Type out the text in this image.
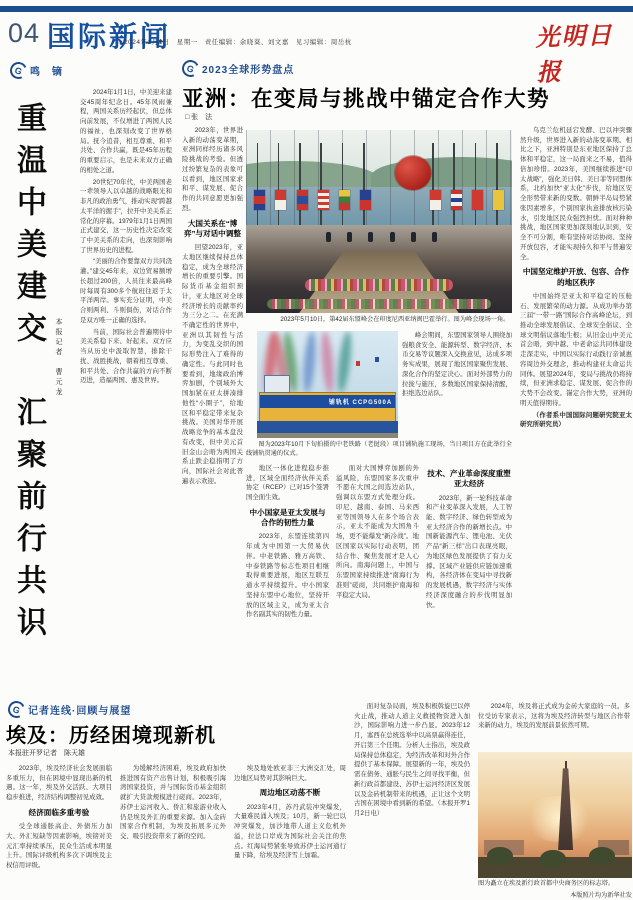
04 国际新闻
2024年1月1日　星期一　责任编辑：余晓葵、刘文嘉　见习编辑：周岳杭	光明日报
G 鸣　镝
重温中美建交　汇聚前行共识 本报记者　曹元龙

2024年1月1日，中美迎来建交45周年纪念日。45年风雨兼程，两国关系历经起伏，但总体向前发展，不仅增进了两国人民的福祉，也深刻改变了世界格局。抚今追昔，相互尊重、和平共处、合作共赢，既是45年历程的重要启示，也是未来双方正确的相处之道。

20世纪70年代，中美两国老一辈领导人以卓越的战略眼光和非凡的政治勇气，推动实现“跨越太平洋的握手”，拉开中美关系正常化的序幕。1979年1月1日两国正式建交，这一历史性决定改变了中美关系的走向，也深刻影响了世界历史的进程。

“美丽的合作要靠双方共同浇灌。”建交45年来，双边贸易额增长超过200倍，人员往来最高峰时每周有300多个航班往返于太平洋两岸。事实充分证明，中美合则两利、斗则俱伤，对话合作是双方唯一正确的选择。

当前，国际社会普遍期待中美关系稳下来、好起来。双方应当从历史中汲取智慧，排除干扰、战胜挑战，朝着相互尊重、和平共处、合作共赢的方向不断迈进，造福两国、惠及世界。

G 2023全球形势盘点
亚洲：在变局与挑战中锚定合作大势
□ 张　法

2023年，世界进入新的动荡变革期，亚洲同样经历诸多风险挑战的考验。但透过纷繁复杂的表象可以看到，地区国家求和平、谋发展、促合作的共同意愿更加强烈。

大国关系在“博弈”与对话中调整

回望2023年，亚太地区继续保持总体稳定，成为全球经济增长的重要引擎。国际货币基金组织预计，亚太地区对全球经济增长的贡献率约为三分之二。在充满不确定性的世界中，亚洲以其韧性与活力，为变乱交织的国际形势注入了难得的确定性。与此同时也要看到，地缘政治博弈加剧，个别域外大国加紧在亚太拼凑排他性“小圈子”，给地区和平稳定带来复杂挑战。美国对华开展战略竞争的基本盘没有改变，但中美元首旧金山会晤为两国关系止跌企稳指明了方向，国际社会对此普遍表示欢迎。

2023年5月10日，第42届东盟峰会在印度尼西亚纳闽巴霍举行。图为峰会现场一角。
铺轨机 CCPG500A

峰会期间，东盟国家领导人围绕加强粮食安全、能源转型、数字经济、本币交易等议题深入交换意见，达成多项务实成果，展现了地区国家聚焦发展、深化合作的坚定决心。面对外部势力的拉拢与施压，多数地区国家保持清醒，拒绝选边站队。

图为2023年10月下旬拍摄的中老铁路（老挝段）项目铺轨施工现场，当日项目方在此举行全线铺轨贯通的仪式。

地区一体化进程稳步推进，区域全面经济伙伴关系协定（RCEP）已对15个签署国全面生效。

中小国家是亚太发展与合作的韧性力量

2023年，东盟连续第四年成为中国第一大贸易伙伴。中老铁路、雅万高铁、中泰铁路等标志性项目相继取得重要进展，地区互联互通水平持续提升。中小国家坚持东盟中心地位，坚持开放的区域主义，成为亚太合作名副其实的韧性力量。

面对大国博弈加剧的外溢风险，东盟国家多次重申不愿在大国之间选边站队，强调以东盟方式处理分歧。印尼、越南、泰国、马来西亚等国领导人在多个场合表示，亚太不能成为大国角斗场，更不能爆发“新冷战”。地区国家以实际行动表明，团结合作、聚焦发展才是人心所向。南海问题上，中国与东盟国家持续推进“南海行为准则”磋商，共同维护南海和平稳定大局。

技术、产业革命深度重塑亚太经济

2023年，新一轮科技革命和产业变革深入发展，人工智能、数字经济、绿色转型成为亚太经济合作的新增长点。中国新能源汽车、锂电池、光伏产品“新三样”出口表现亮眼，为地区绿色发展提供了有力支撑。区域产业链供应链加速重构，各经济体在变局中寻找新的发展机遇，数字经济与实体经济深度融合的步伐明显加快。

乌克兰危机延宕发酵、巴以冲突骤然升级，世界进入新的动荡变革期。相比之下，亚洲特别是东亚地区保持了总体和平稳定，这一局面来之不易，值得倍加珍惜。2023年，美国继续推进“印太战略”，强化美日韩、美日菲等同盟体系，北约加快“亚太化”步伐，给地区安全形势带来新的变数。朝鲜半岛局势紧张因素增多，个别国家执意排放核污染水，引发地区民众强烈担忧。面对种种挑战，地区国家更加深刻地认识到，安全不可分割，唯有坚持对话协商、坚持开放包容，才能实现持久和平与普遍安全。

中国坚定维护开放、包容、合作的地区秩序

中国始终是亚太和平稳定的压舱石、发展繁荣的动力源。从成功举办第三届“一带一路”国际合作高峰论坛，到推动全球发展倡议、全球安全倡议、全球文明倡议落地生根；从旧金山中美元首会晤，到中越、中老命运共同体建设走深走实，中国以实际行动践行亲诚惠容周边外交理念，推动构建亚太命运共同体。展望2024年，变局与挑战仍将持续，但亚洲求稳定、谋发展、促合作的大势不会改变。锚定合作大势，亚洲的明天值得期待。

（作者系中国国际问题研究院亚太研究所研究员）

G 记者连线·回顾与展望
埃及：历经困境现新机
本报驻开罗记者　陈天雄

2023年，埃及经济社会发展面临多重压力，但在困境中显现出新的机遇。这一年，埃及外交活跃、大项目稳步推进，经济结构调整初见成效。

经济面临多重考验

受全球通胀高企、外债压力加大、外汇短缺等因素影响，埃镑对美元汇率持续承压，民众生活成本明显上升。国际评级机构多次下调埃及主权信用评级。

为缓解经济困难，埃及政府加快推进国有资产出售计划，积极吸引海湾国家投资，并与国际货币基金组织就扩大贷款规模进行磋商。2023年，苏伊士运河收入、侨汇和旅游业收入仍是埃及外汇的重要来源。加入金砖国家合作机制，为埃及拓展多元外交、吸引投资带来了新的空间。

埃及地处欧亚非三大洲交汇处，周边地区局势对其影响巨大。

周边地区动荡不断

2023年4月，苏丹武装冲突爆发，大量难民涌入埃及；10月，新一轮巴以冲突爆发，加沙地带人道主义危机外溢，拉法口岸成为国际社会关注的焦点。红海局势紧张导致苏伊士运河通行量下降，给埃及经济雪上加霜。

面对复杂局面，埃及积极斡旋巴以停火止战，推动人道主义救援物资进入加沙，国际影响力进一步凸显。2023年12月，塞西在总统选举中以高票赢得连任，开启第三个任期。分析人士指出，埃及政局保持总体稳定，为经济改革和对外合作提供了基本保障。展望新的一年，埃及仍需在债务、通胀与民生之间寻找平衡，但新行政首都建设、苏伊士运河经济区发展以及金砖机制带来的机遇，正让这个文明古国在困境中看到新的希望。（本报开罗1月2日电）

2024年，埃及将正式成为金砖大家庭的一员。多位受访专家表示，这将为埃及经济转型与地区合作带来新的动力，埃及的发展前景依然可期。

图为矗立在埃及新行政首都中央商务区的标志塔。
本版照片均为新华社发
